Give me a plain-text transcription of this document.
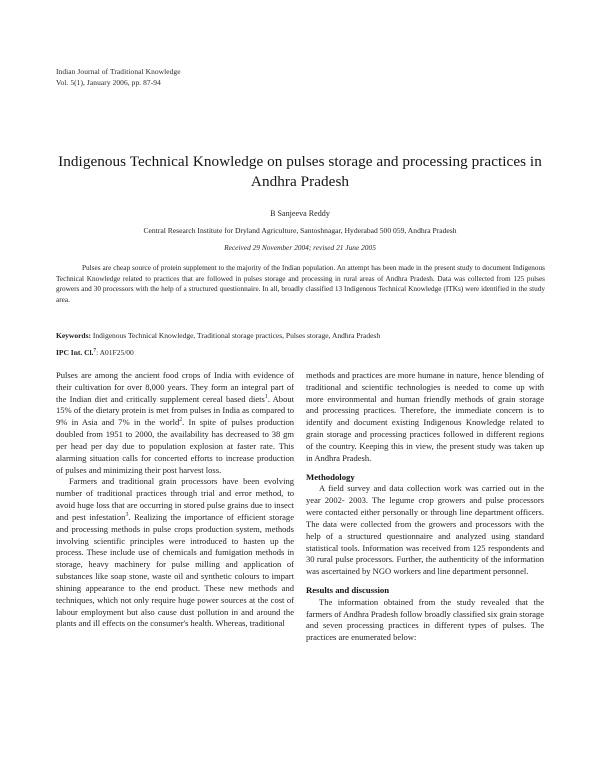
Indian Journal of Traditional Knowledge
Vol. 5(1), January 2006, pp. 87-94
Indigenous Technical Knowledge on pulses storage and processing practices in Andhra Pradesh

B Sanjeeva Reddy

Central Research Institute for Dryland Agriculture, Santoshnagar, Hyderabad 500 059, Andhra Pradesh

Received 29 November 2004; revised 21 June 2005
Pulses are cheap source of protein supplement to the majority of the Indian population. An attempt has been made in the present study to document Indigenous Technical Knowledge related to practices that are followed in pulses storage and processing in rural areas of Andhra Pradesh. Data was collected from 125 pulses growers and 30 processors with the help of a structured questionnaire. In all, broadly classified 13 Indigenous Technical Knowledge (ITKs) were identified in the study area.
Keywords: Indigenous Technical Knowledge, Traditional storage practices, Pulses storage, Andhra Pradesh
IPC Int. Cl.$^7$: A01F25/00

Pulses are among the ancient food crops of India with evidence of their cultivation for over 8,000 years. They form an integral part of the Indian diet and critically supplement cereal based diets$^1$. About 15% of the dietary protein is met from pulses in India as compared to 9% in Asia and 7% in the world$^2$. In spite of pulses production doubled from 1951 to 2000, the availability has decreased to 38 gm per head per day due to population explosion at faster rate. This alarming situation calls for concerted efforts to increase production of pulses and minimizing their post harvest loss.

Farmers and traditional grain processors have been evolving number of traditional practices through trial and error method, to avoid huge loss that are occurring in stored pulse grains due to insect and pest infestation$^3$. Realizing the importance of efficient storage and processing methods in pulse crops production system, methods involving scientific principles were introduced to hasten up the process. These include use of chemicals and fumigation methods in storage, heavy machinery for pulse milling and application of substances like soap stone, waste oil and synthetic colours to impart shining appearance to the end product. These new methods and techniques, which not only require huge power sources at the cost of labour employment but also cause dust pollution in and around the plants and ill effects on the consumer's health. Whereas, traditional

methods and practices are more humane in nature, hence blending of traditional and scientific technologies is needed to come up with more environmental and human friendly methods of grain storage and processing practices. Therefore, the immediate concern is to identify and document existing Indigenous Knowledge related to grain storage and processing practices followed in different regions of the country. Keeping this in view, the present study was taken up in Andhra Pradesh.

Methodology

A field survey and data collection work was carried out in the year 2002- 2003. The legume crop growers and pulse processors were contacted either personally or through line department officers. The data were collected from the growers and processors with the help of a structured questionnaire and analyzed using standard statistical tools. Information was received from 125 respondents and 30 rural pulse processors. Further, the authenticity of the information was ascertained by NGO workers and line department personnel.

Results and discussion

The information obtained from the study revealed that the farmers of Andhra Pradesh follow broadly classified six grain storage and seven processing practices in different types of pulses. The practices are enumerated below:
